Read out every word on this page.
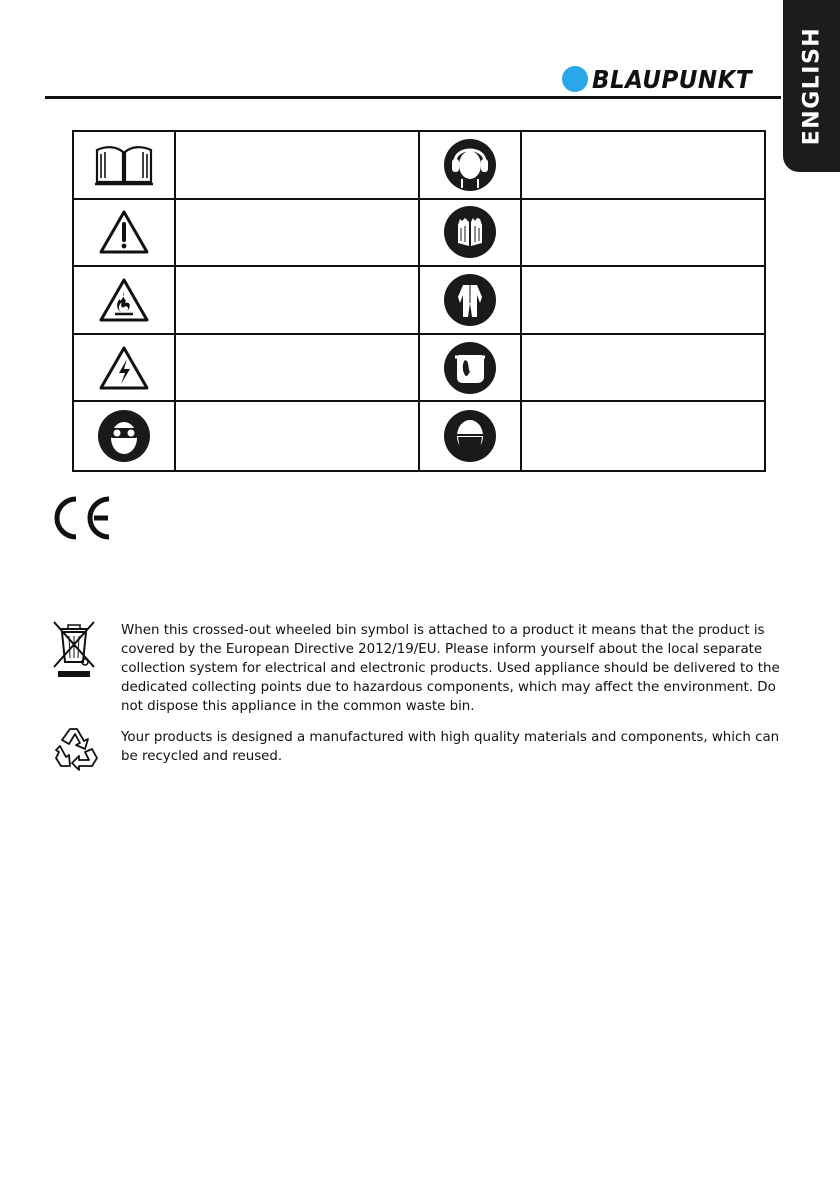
ENGLISH
BLAUPUNKT

When this crossed-out wheeled bin symbol is attached to a product it means that the product is covered by the European Directive 2012/19/EU. Please inform yourself about the local separate collection system for electrical and electronic products. Used appliance should be delivered to the dedicated collecting points due to hazardous components, which may affect the environment. Do not dispose this appliance in the common waste bin.

Your products is designed a manufactured with high quality materials and components, which can be recycled and reused.
